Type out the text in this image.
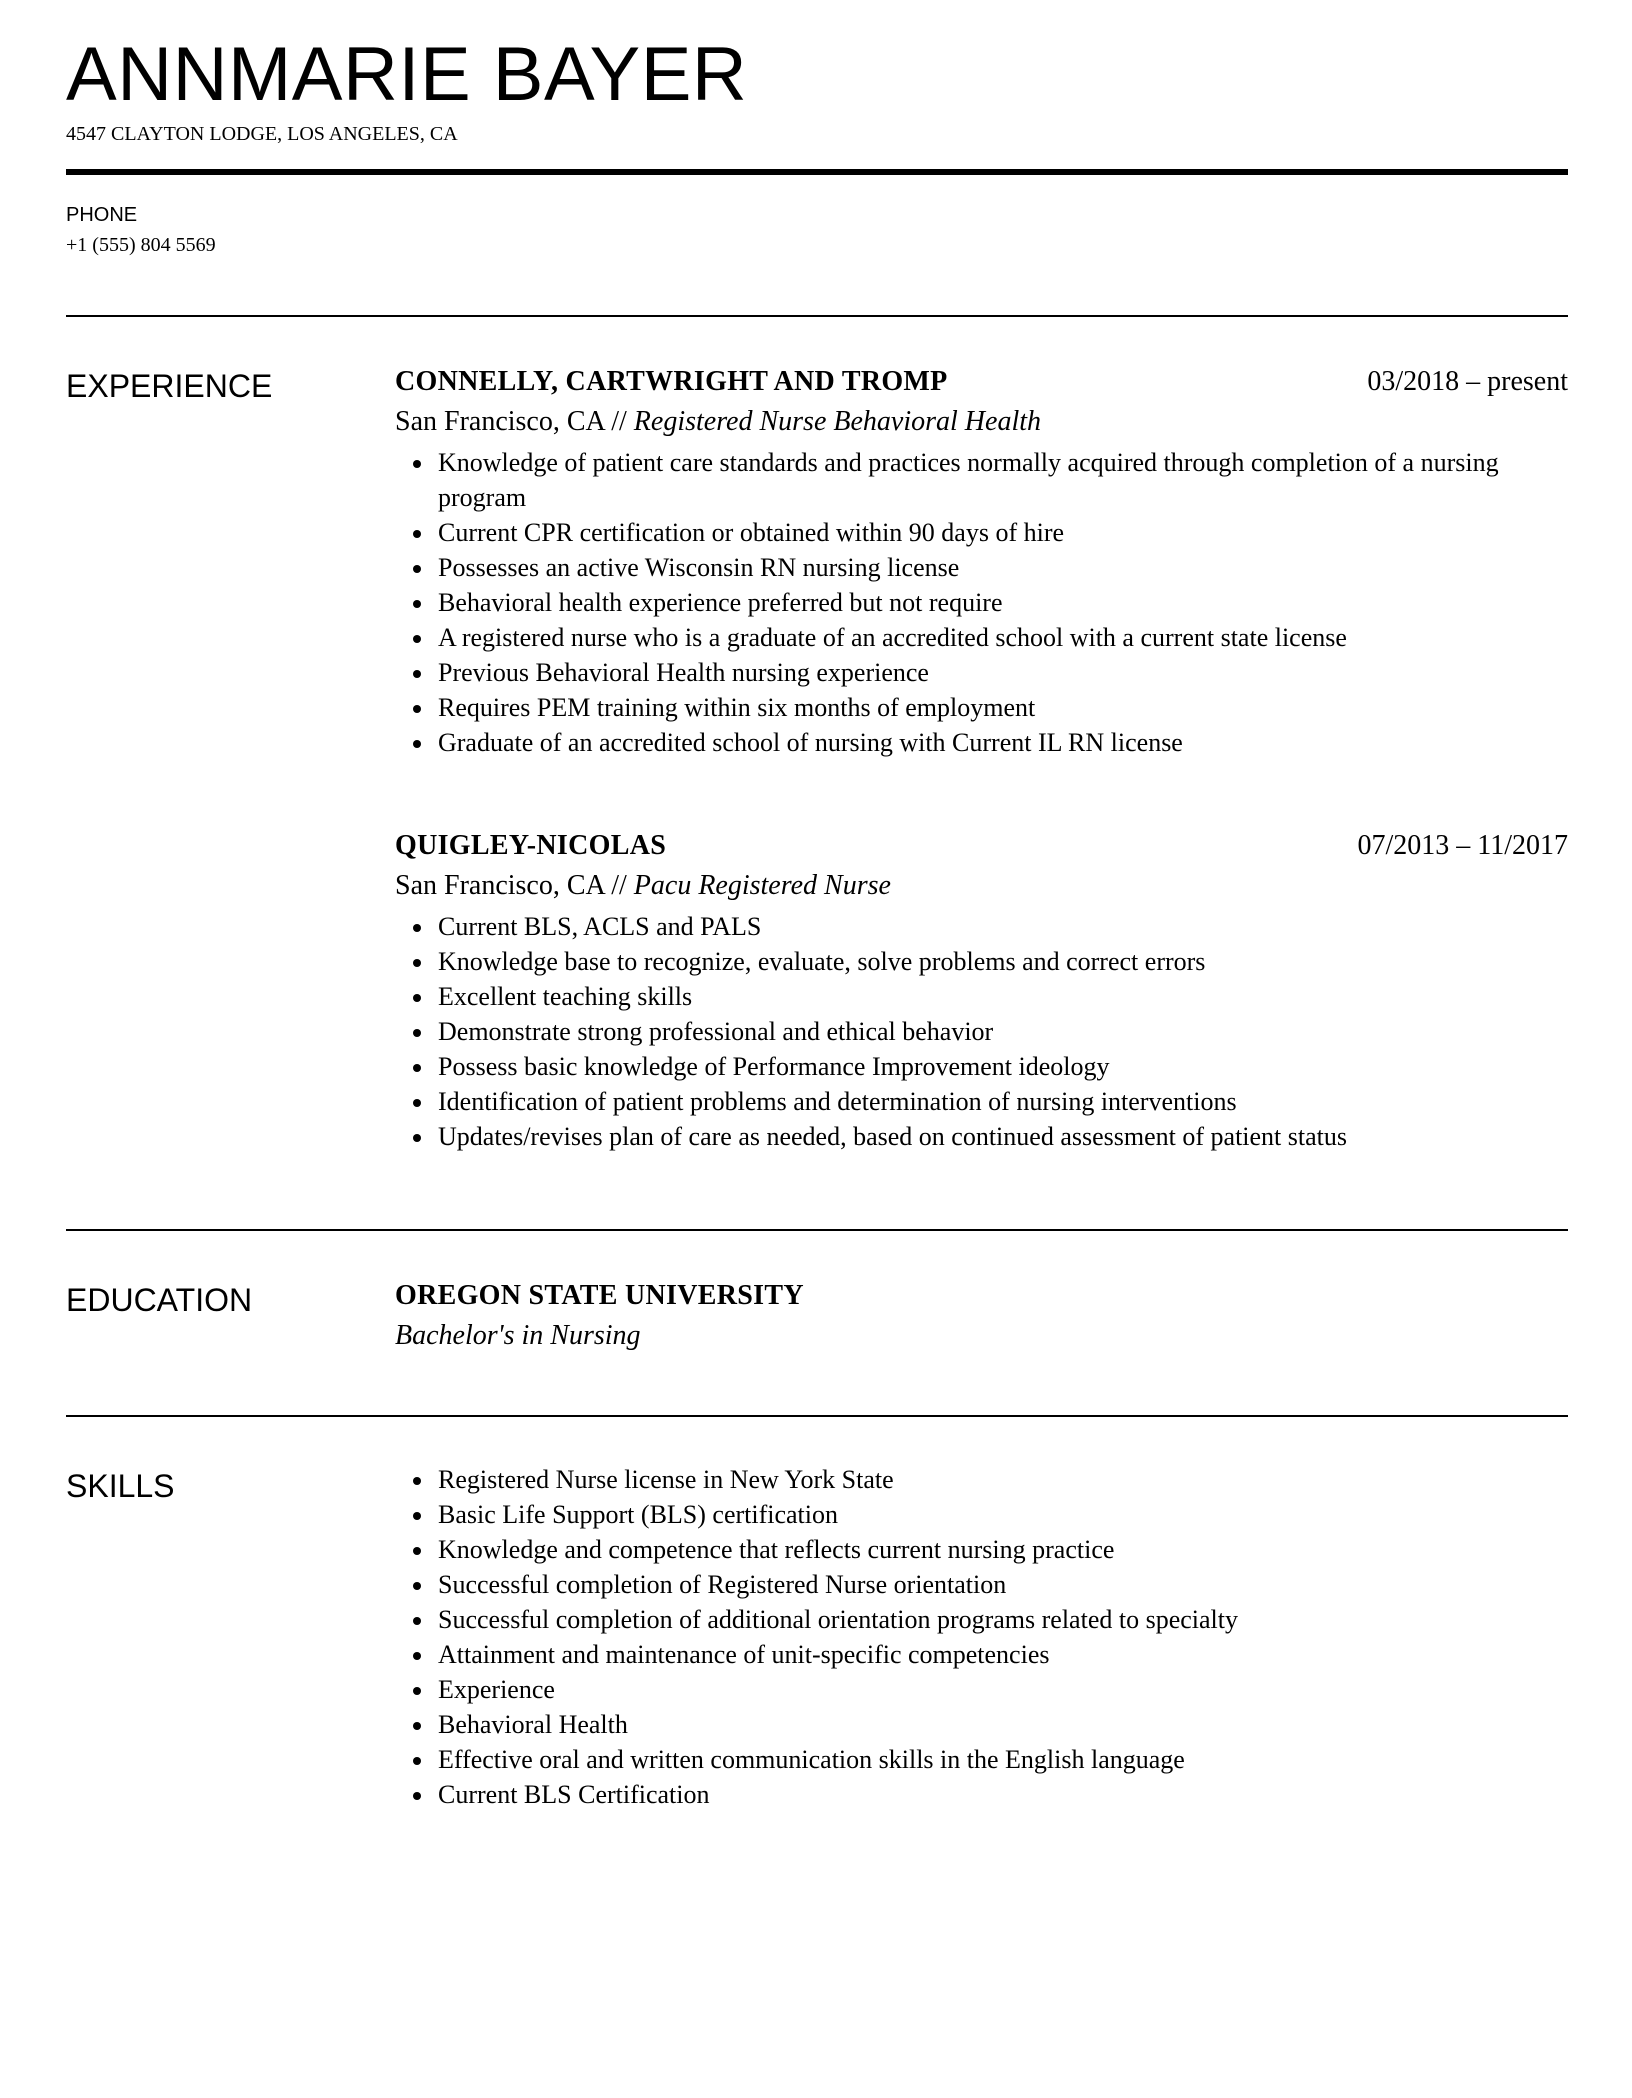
ANNMARIE BAYER
4547 CLAYTON LODGE, LOS ANGELES, CA
PHONE
+1 (555) 804 5569
EXPERIENCE	CONNELLY, CARTWRIGHT AND TROMP	03/2018 – present
San Francisco, CA // Registered Nurse Behavioral Health
Knowledge of patient care standards and practices normally acquired through completion of a nursing program
Current CPR certification or obtained within 90 days of hire
Possesses an active Wisconsin RN nursing license
Behavioral health experience preferred but not require
A registered nurse who is a graduate of an accredited school with a current state license
Previous Behavioral Health nursing experience
Requires PEM training within six months of employment
Graduate of an accredited school of nursing with Current IL RN license
QUIGLEY-NICOLAS	07/2013 – 11/2017
San Francisco, CA // Pacu Registered Nurse
Current BLS, ACLS and PALS
Knowledge base to recognize, evaluate, solve problems and correct errors
Excellent teaching skills
Demonstrate strong professional and ethical behavior
Possess basic knowledge of Performance Improvement ideology
Identification of patient problems and determination of nursing interventions
Updates/revises plan of care as needed, based on continued assessment of patient status
EDUCATION	OREGON STATE UNIVERSITY
Bachelor's in Nursing
SKILLS	Registered Nurse license in New York State
Basic Life Support (BLS) certification
Knowledge and competence that reflects current nursing practice
Successful completion of Registered Nurse orientation
Successful completion of additional orientation programs related to specialty
Attainment and maintenance of unit-specific competencies
Experience
Behavioral Health
Effective oral and written communication skills in the English language
Current BLS Certification
